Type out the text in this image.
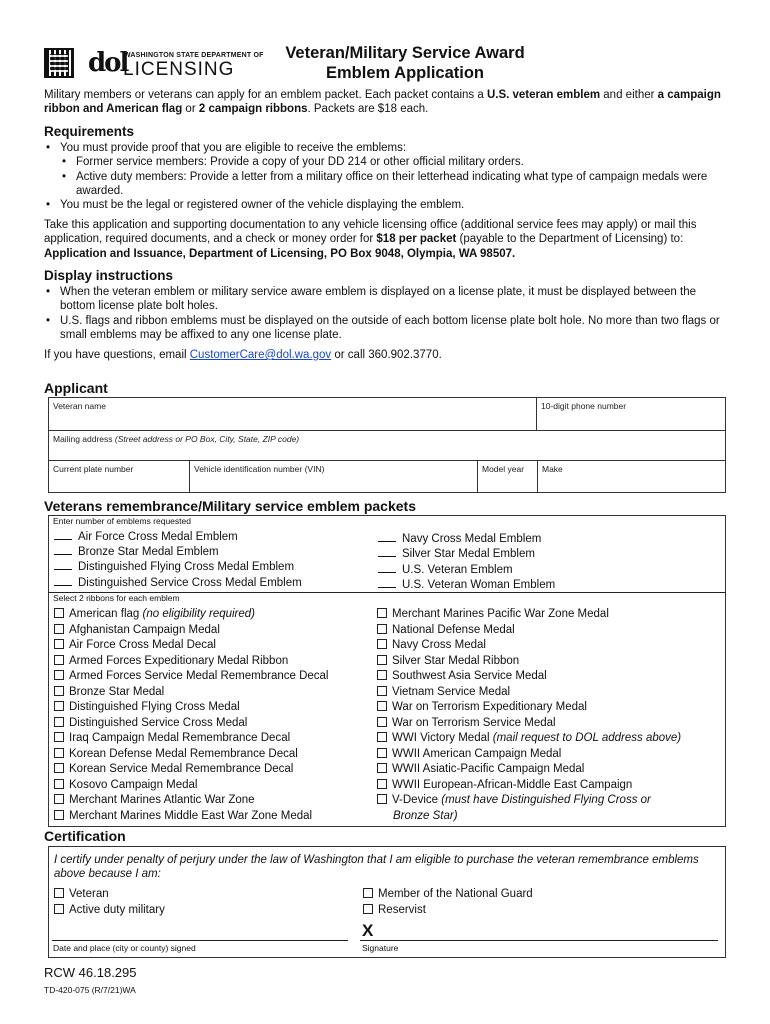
dol
WASHINGTON STATE DEPARTMENT OF
LICENSING
Veteran/Military Service Award
Emblem Application
Military members or veterans can apply for an emblem packet. Each packet contains a U.S. veteran emblem and either a campaign ribbon and American flag or 2 campaign ribbons. Packets are $18 each.
Requirements
• You must provide proof that you are eligible to receive the emblems:
• Former service members: Provide a copy of your DD 214 or other official military orders.
• Active duty members: Provide a letter from a military office on their letterhead indicating what type of campaign medals were awarded.
• You must be the legal or registered owner of the vehicle displaying the emblem.
Take this application and supporting documentation to any vehicle licensing office (additional service fees may apply) or mail this application, required documents, and a check or money order for $18 per packet (payable to the Department of Licensing) to: Application and Issuance, Department of Licensing, PO Box 9048, Olympia, WA 98507.
Display instructions
• When the veteran emblem or military service aware emblem is displayed on a license plate, it must be displayed between the bottom license plate bolt holes.
• U.S. flags and ribbon emblems must be displayed on the outside of each bottom license plate bolt hole. No more than two flags or small emblems may be affixed to any one license plate.
If you have questions, email CustomerCare@dol.wa.gov or call 360.902.3770.
Applicant
Veteran name	10-digit phone number
Mailing address (Street address or PO Box, City, State, ZIP code)
Current plate number	Vehicle identification number (VIN)	Model year	Make
Veterans remembrance/Military service emblem packets
Enter number of emblems requested
Air Force Cross Medal Emblem
Bronze Star Medal Emblem
Distinguished Flying Cross Medal Emblem
Distinguished Service Cross Medal Emblem
Navy Cross Medal Emblem
Silver Star Medal Emblem
U.S. Veteran Emblem
U.S. Veteran Woman Emblem
Select 2 ribbons for each emblem
American flag (no eligibility required)
Afghanistan Campaign Medal
Air Force Cross Medal Decal
Armed Forces Expeditionary Medal Ribbon
Armed Forces Service Medal Remembrance Decal
Bronze Star Medal
Distinguished Flying Cross Medal
Distinguished Service Cross Medal
Iraq Campaign Medal Remembrance Decal
Korean Defense Medal Remembrance Decal
Korean Service Medal Remembrance Decal
Kosovo Campaign Medal
Merchant Marines Atlantic War Zone
Merchant Marines Middle East War Zone Medal
Merchant Marines Pacific War Zone Medal
National Defense Medal
Navy Cross Medal
Silver Star Medal Ribbon
Southwest Asia Service Medal
Vietnam Service Medal
War on Terrorism Expeditionary Medal
War on Terrorism Service Medal
WWI Victory Medal (mail request to DOL address above)
WWII American Campaign Medal
WWII Asiatic-Pacific Campaign Medal
WWII European-African-Middle East Campaign
V-Device (must have Distinguished Flying Cross or
Bronze Star)
Certification
I certify under penalty of perjury under the law of Washington that I am eligible to purchase the veteran remembrance emblems above because I am:
Veteran
Active duty military
Member of the National Guard
Reservist
X
Date and place (city or county) signed	Signature
RCW 46.18.295
TD-420-075 (R/7/21)WA
